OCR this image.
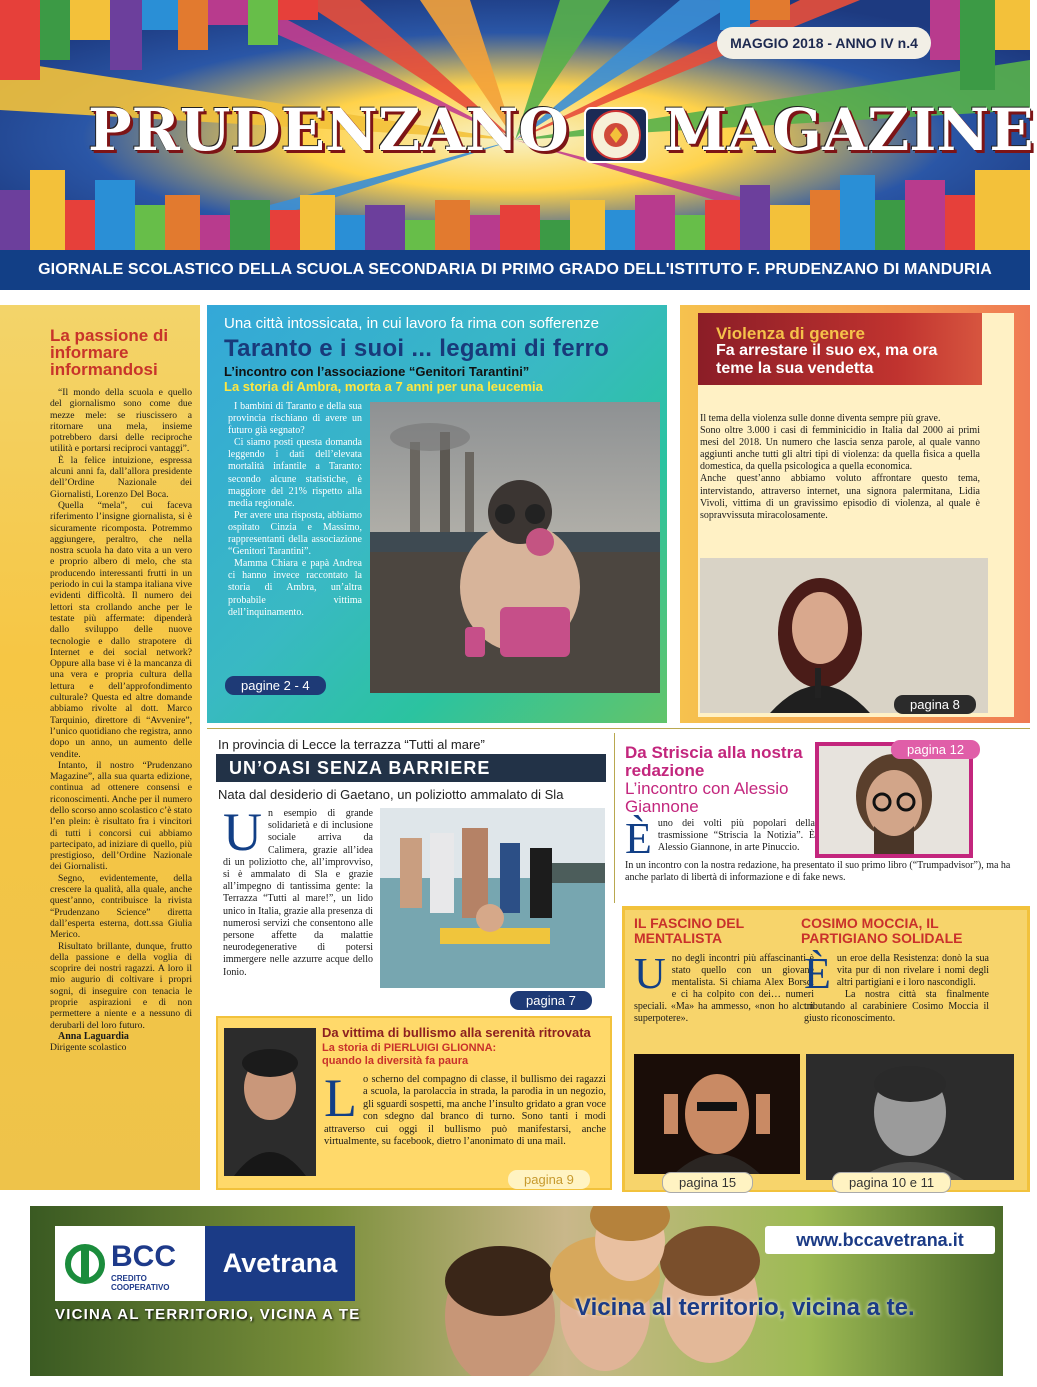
MAGGIO 2018 - ANNO IV n.4
PRUDENZANO MAGAZINE
GIORNALE SCOLASTICO DELLA SCUOLA SECONDARIA DI PRIMO GRADO DELL'ISTITUTO F. PRUDENZANO DI MANDURIA
La passione di informare informandosi

“Il mondo della scuola e quello del giornalismo sono come due mezze mele: se riuscissero a ritornare una mela, insieme potrebbero darsi delle reciproche utilità e portarsi reciproci vantaggi”.

È la felice intuizione, espressa alcuni anni fa, dall’allora presidente dell’Ordine Nazionale dei Giornalisti, Lorenzo Del Boca.

Quella “mela”, cui faceva riferimento l’insigne giornalista, si è sicuramente ricomposta. Potremmo aggiungere, peraltro, che nella nostra scuola ha dato vita a un vero e proprio albero di melo, che sta producendo interessanti frutti in un periodo in cui la stampa italiana vive evidenti difficoltà. Il numero dei lettori sta crollando anche per le testate più affermate: dipenderà dallo sviluppo delle nuove tecnologie e dallo strapotere di Internet e dei social network? Oppure alla base vi è la mancanza di una vera e propria cultura della lettura e dell’approfondimento culturale? Questa ed altre domande abbiamo rivolte al dott. Marco Tarquinio, direttore di “Avvenire”, l’unico quotidiano che registra, anno dopo un anno, un aumento delle vendite.

Intanto, il nostro “Prudenzano Magazine”, alla sua quarta edizione, continua ad ottenere consensi e riconoscimenti. Anche per il numero dello scorso anno scolastico c’è stato l’en plein: è risultato fra i vincitori di tutti i concorsi cui abbiamo partecipato, ad iniziare di quello, più prestigioso, dell’Ordine Nazionale dei Giornalisti.

Segno, evidentemente, della crescere la qualità, alla quale, anche quest’anno, contribuisce la rivista “Prudenzano Science” diretta dall’esperta esterna, dott.ssa Giulia Merico.

Risultato brillante, dunque, frutto della passione e della voglia di scoprire dei nostri ragazzi. A loro il mio augurio di coltivare i propri sogni, di inseguire con tenacia le proprie aspirazioni e di non permettere a niente e a nessuno di derubarli del loro futuro.

Anna Laguardia

Dirigente scolastico

Una città intossicata, in cui lavoro fa rima con sofferenze
Taranto e i suoi ... legami di ferro
L’incontro con l’associazione “Genitori Tarantini”
La storia di Ambra, morta a 7 anni per una leucemia

I bambini di Taranto e della sua provincia rischiano di avere un futuro già segnato?

Ci siamo posti questa domanda leggendo i dati dell’elevata mortalità infantile a Taranto: secondo alcune statistiche, è maggiore del 21% rispetto alla media regionale.

Per avere una risposta, abbiamo ospitato Cinzia e Massimo, rappresentanti della associazione “Genitori Tarantini”.

Mamma Chiara e papà Andrea ci hanno invece raccontato la storia di Ambra, un’altra probabile vittima dell’inquinamento.

pagine 2 - 4
Violenza di genere
Fa arrestare il suo ex, ma ora teme la sua vendetta

Il tema della violenza sulle donne diventa sempre più grave.

Sono oltre 3.000 i casi di femminicidio in Italia dal 2000 ai primi mesi del 2018. Un numero che lascia senza parole, al quale vanno aggiunti anche tutti gli altri tipi di violenza: da quella fisica a quella domestica, da quella psicologica a quella economica.

Anche quest’anno abbiamo voluto affrontare questo tema, intervistando, attraverso internet, una signora palermitana, Lidia Vivoli, vittima di un gravissimo episodio di violenza, al quale è sopravvissuta miracolosamente.

pagina 8
In provincia di Lecce la terrazza “Tutti al mare”
UN’OASI SENZA BARRIERE
Nata dal desiderio di Gaetano, un poliziotto ammalato di Sla

Un esempio di grande solidarietà e di inclusione sociale arriva da Calimera, grazie all’idea di un poliziotto che, all’improvviso, si è ammalato di Sla e grazie all’impegno di tantissima gente: la Terrazza “Tutti al mare!”, un lido unico in Italia, grazie alla presenza di numerosi servizi che consentono alle persone affette da malattie neurodegenerative di potersi immergere nelle azzurre acque dello Ionio.

pagina 7
Da Striscia alla nostra redazione
L’incontro con Alessio Giannone

È uno dei volti più popolari della trasmissione “Striscia la Notizia”. È Alessio Giannone, in arte Pinuccio.

In un incontro con la nostra redazione, ha presentato il suo primo libro (“Trumpadvisor”), ma ha anche parlato di libertà di informazione e di fake news.
pagina 12
IL FASCINO DEL MENTALISTA

Uno degli incontri più affascinanti è stato quello con un giovane mentalista. Si chiama Alex Borsci e ci ha colpito con dei… numeri speciali. «Ma» ha ammesso, «non ho alcun superpotere».

COSIMO MOCCIA, IL PARTIGIANO SOLIDALE

È un eroe della Resistenza: donò la sua vita pur di non rivelare i nomi degli altri partigiani e i loro nascondigli.

La nostra città sta finalmente tributando al carabiniere Cosimo Moccia il giusto riconoscimento.

pagina 15	pagina 10 e 11
Da vittima di bullismo alla serenità ritrovata
La storia di PIERLUIGI GLIONNA: quando la diversità fa paura

Lo scherno del compagno di classe, il bullismo dei ragazzi a scuola, la parolaccia in strada, la parodia in un negozio, gli sguardi sospetti, ma anche l’insulto gridato a gran voce con sdegno dal branco di turno. Sono tanti i modi attraverso cui oggi il bullismo può manifestarsi, anche virtualmente, su facebook, dietro l’anonimato di una mail.

pagina 9
BCC
CREDITO COOPERATIVO
Avetrana
VICINA AL TERRITORIO, VICINA A TE
www.bccavetrana.it
Vicina al territorio, vicina a te.
